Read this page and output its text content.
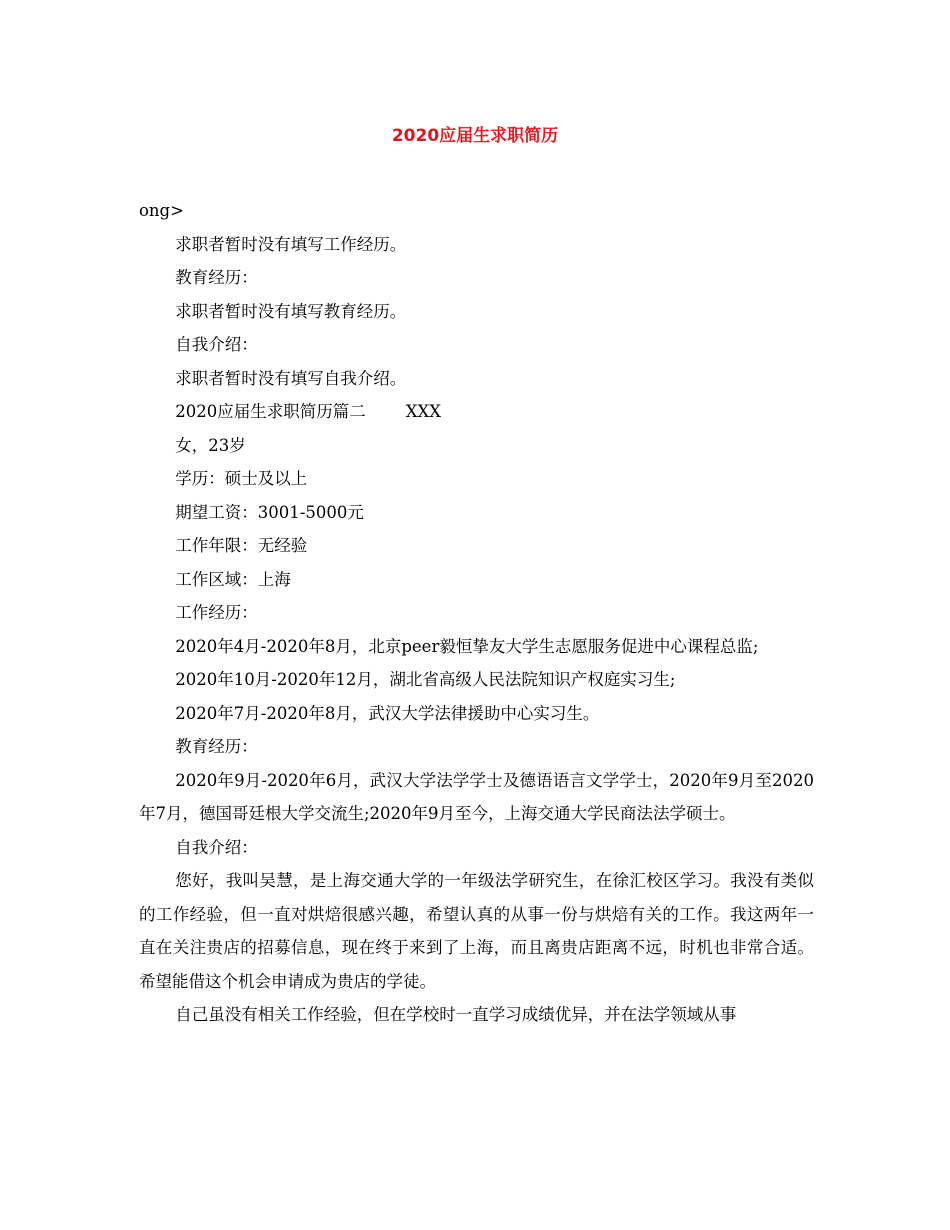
2020应届生求职简历

ong>

求职者暂时没有填写工作经历。

教育经历：

求职者暂时没有填写教育经历。

自我介绍：

求职者暂时没有填写自我介绍。

2020应届生求职简历篇二 XXX

女，23岁

学历：硕士及以上

期望工资：3001-5000元

工作年限：无经验

工作区域：上海

工作经历：

2020年4月-2020年8月，北京peer毅恒挚友大学生志愿服务促进中心课程总监;

2020年10月-2020年12月，湖北省高级人民法院知识产权庭实习生;

2020年7月-2020年8月，武汉大学法律援助中心实习生。

教育经历：

2020年9月-2020年6月，武汉大学法学学士及德语语言文学学士，2020年9月至2020年7月，德国哥廷根大学交流生;2020年9月至今，上海交通大学民商法法学硕士。

自我介绍：

您好，我叫吴慧，是上海交通大学的一年级法学研究生，在徐汇校区学习。我没有类似的工作经验，但一直对烘焙很感兴趣，希望认真的从事一份与烘焙有关的工作。我这两年一直在关注贵店的招募信息，现在终于来到了上海，而且离贵店距离不远，时机也非常合适。希望能借这个机会申请成为贵店的学徒。

自己虽没有相关工作经验，但在学校时一直学习成绩优异，并在法学领域从事
